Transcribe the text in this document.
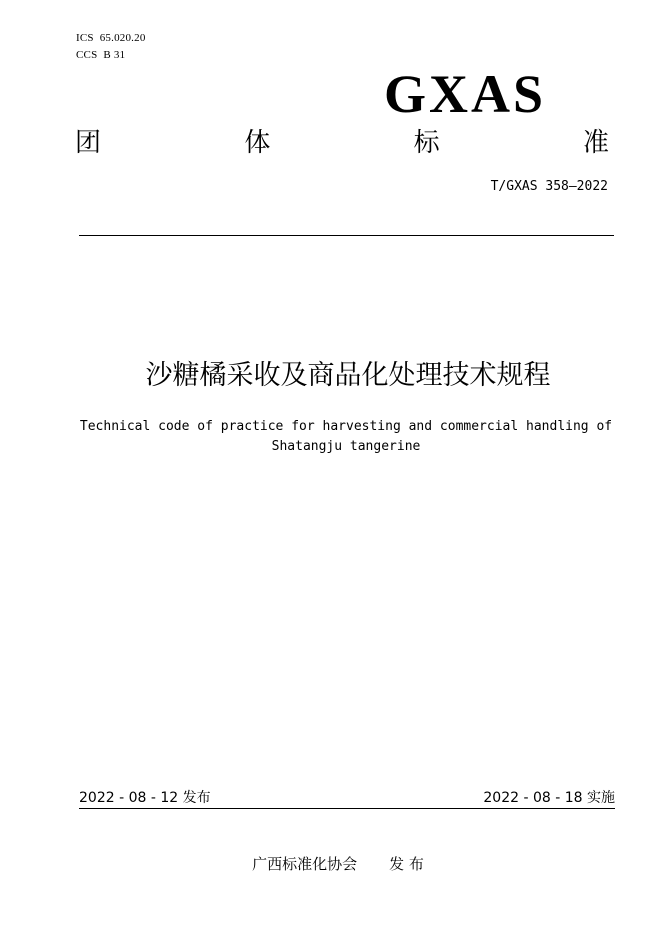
ICS 65.020.20
CCS B 31
GXAS
团	体	标	准
T/GXAS 358—2022
沙糖橘采收及商品化处理技术规程
Technical code of practice for harvesting and commercial handling of
Shatangju tangerine
2022 - 08 - 12 发布	2022 - 08 - 18 实施
广西标准化协会 发 布
